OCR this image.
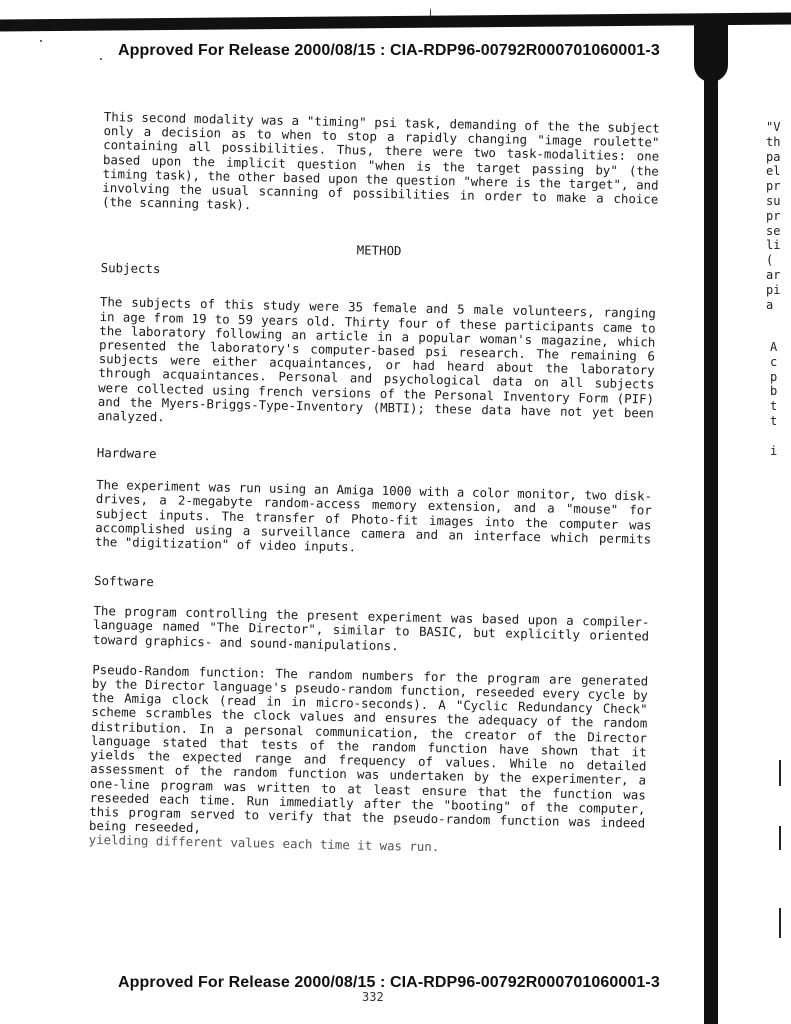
Approved For Release 2000/08/15 : CIA-RDP96-00792R000701060001-3
"V
th
pa
el
pr
su
pr
se
li
(
ar
pi
a
A
c
p
b
t
t

i

This second modality was a "timing" psi task, demanding of the the subject only a decision as to when to stop a rapidly changing "image roulette" containing all possibilities. Thus, there were two task-modalities: one based upon the implicit question "when is the target passing by" (the timing task), the other based upon the question "where is the target", and involving the usual scanning of possibilities in order to make a choice (the scanning task).

METHOD

Subjects

The subjects of this study were 35 female and 5 male volunteers, ranging in age from 19 to 59 years old. Thirty four of these participants came to the laboratory following an article in a popular woman's magazine, which presented the laboratory's computer-based psi research. The remaining 6 subjects were either acquaintances, or had heard about the laboratory through acquaintances. Personal and psychological data on all subjects were collected using french versions of the Personal Inventory Form (PIF) and the Myers-Briggs-Type-Inventory (MBTI); these data have not yet been analyzed.

Hardware

The experiment was run using an Amiga 1000 with a color monitor, two disk-drives, a 2-megabyte random-access memory extension, and a "mouse" for subject inputs. The transfer of Photo-fit images into the computer was accomplished using a surveillance camera and an interface which permits the "digitization" of video inputs.

Software

The program controlling the present experiment was based upon a compiler-language named "The Director", similar to BASIC, but explicitly oriented toward graphics- and sound-manipulations.

Pseudo-Random function: The random numbers for the program are generated by the Director language's pseudo-random function, reseeded every cycle by the Amiga clock (read in in micro-seconds). A "Cyclic Redundancy Check" scheme scrambles the clock values and ensures the adequacy of the random distribution. In a personal communication, the creator of the Director language stated that tests of the random function have shown that it yields the expected range and frequency of values. While no detailed assessment of the random function was undertaken by the experimenter, a one-line program was written to at least ensure that the function was reseeded each time. Run immediatly after the "booting" of the computer, this program served to verify that the pseudo-random function was indeed being reseeded,

yielding different values each time it was run.

Approved For Release 2000/08/15 : CIA-RDP96-00792R000701060001-3
332
